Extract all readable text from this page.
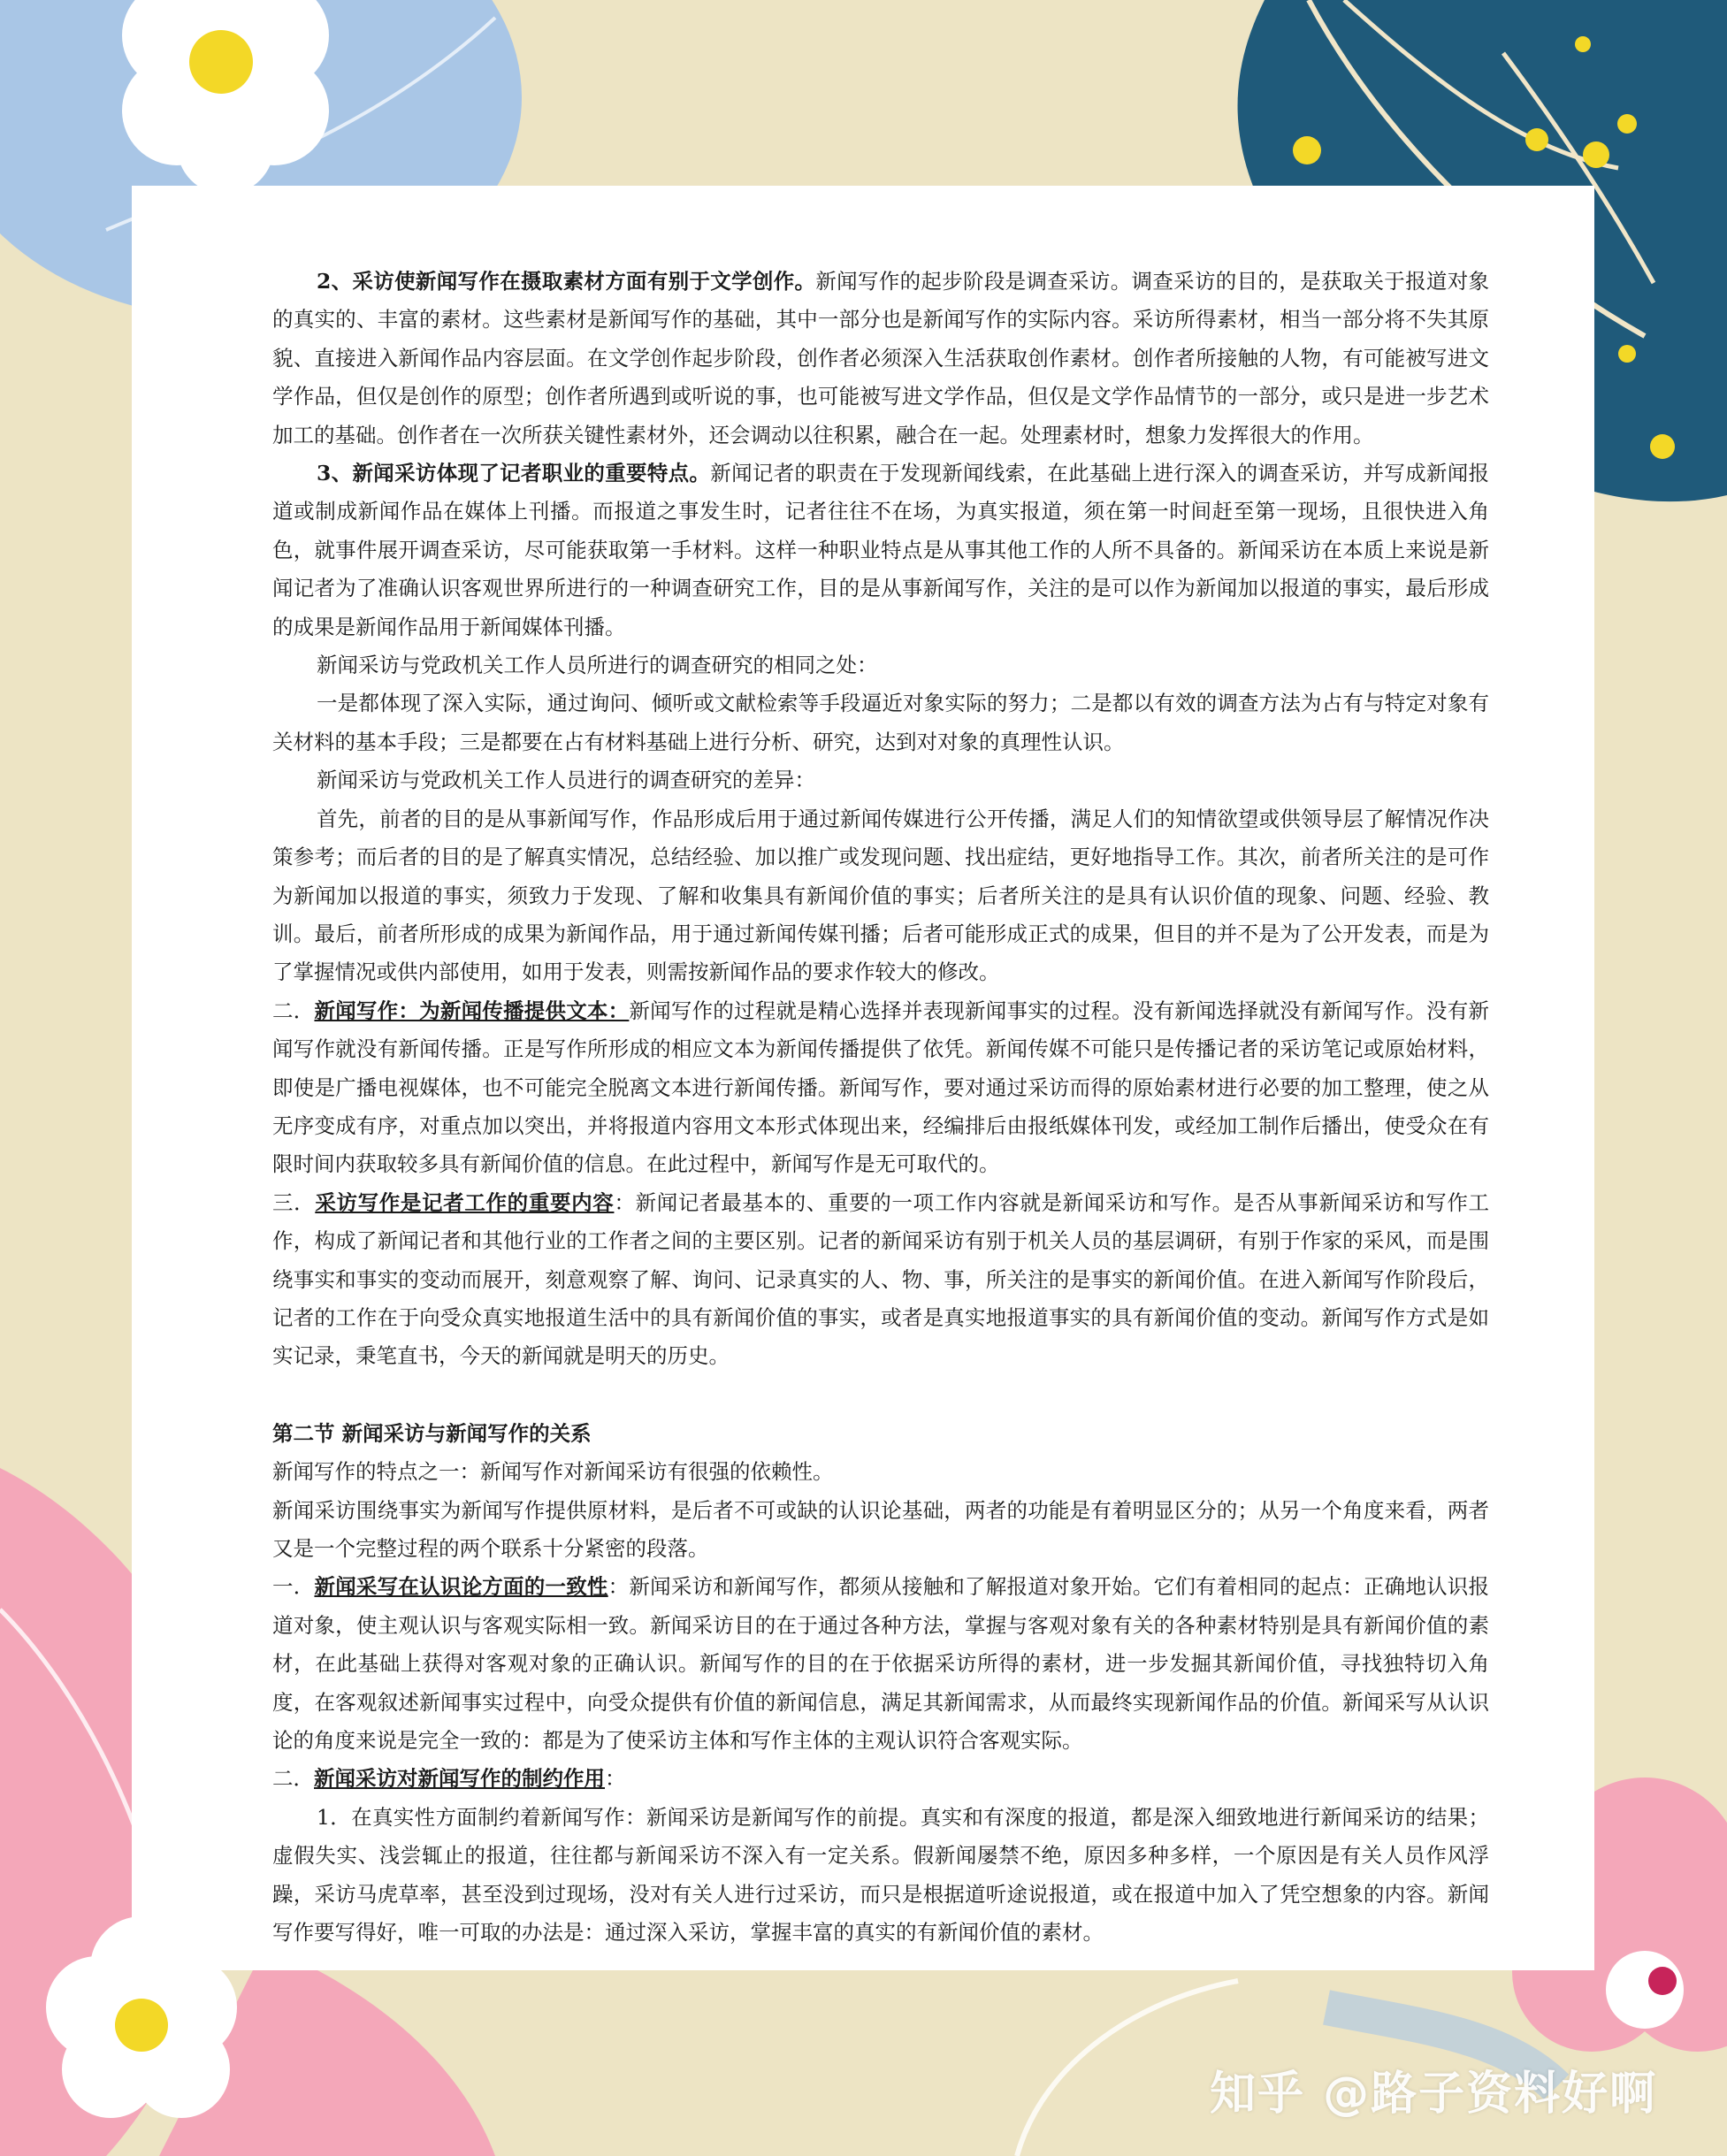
2、采访使新闻写作在摄取素材方面有别于文学创作。新闻写作的起步阶段是调查采访。调查采访的目的，是获取关于报道对象的真实的、丰富的素材。这些素材是新闻写作的基础，其中一部分也是新闻写作的实际内容。采访所得素材，相当一部分将不失其原貌、直接进入新闻作品内容层面。在文学创作起步阶段，创作者必须深入生活获取创作素材。创作者所接触的人物，有可能被写进文学作品，但仅是创作的原型；创作者所遇到或听说的事，也可能被写进文学作品，但仅是文学作品情节的一部分，或只是进一步艺术加工的基础。创作者在一次所获关键性素材外，还会调动以往积累，融合在一起。处理素材时，想象力发挥很大的作用。

3、新闻采访体现了记者职业的重要特点。新闻记者的职责在于发现新闻线索，在此基础上进行深入的调查采访，并写成新闻报道或制成新闻作品在媒体上刊播。而报道之事发生时，记者往往不在场，为真实报道，须在第一时间赶至第一现场，且很快进入角色，就事件展开调查采访，尽可能获取第一手材料。这样一种职业特点是从事其他工作的人所不具备的。新闻采访在本质上来说是新闻记者为了准确认识客观世界所进行的一种调查研究工作，目的是从事新闻写作，关注的是可以作为新闻加以报道的事实，最后形成的成果是新闻作品用于新闻媒体刊播。

新闻采访与党政机关工作人员所进行的调查研究的相同之处：

一是都体现了深入实际，通过询问、倾听或文献检索等手段逼近对象实际的努力；二是都以有效的调查方法为占有与特定对象有关材料的基本手段；三是都要在占有材料基础上进行分析、研究，达到对对象的真理性认识。

新闻采访与党政机关工作人员进行的调查研究的差异：

首先，前者的目的是从事新闻写作，作品形成后用于通过新闻传媒进行公开传播，满足人们的知情欲望或供领导层了解情况作决策参考；而后者的目的是了解真实情况，总结经验、加以推广或发现问题、找出症结，更好地指导工作。其次，前者所关注的是可作为新闻加以报道的事实，须致力于发现、了解和收集具有新闻价值的事实；后者所关注的是具有认识价值的现象、问题、经验、教训。最后，前者所形成的成果为新闻作品，用于通过新闻传媒刊播；后者可能形成正式的成果，但目的并不是为了公开发表，而是为了掌握情况或供内部使用，如用于发表，则需按新闻作品的要求作较大的修改。

二．新闻写作：为新闻传播提供文本：新闻写作的过程就是精心选择并表现新闻事实的过程。没有新闻选择就没有新闻写作。没有新闻写作就没有新闻传播。正是写作所形成的相应文本为新闻传播提供了依凭。新闻传媒不可能只是传播记者的采访笔记或原始材料，即使是广播电视媒体，也不可能完全脱离文本进行新闻传播。新闻写作，要对通过采访而得的原始素材进行必要的加工整理，使之从无序变成有序，对重点加以突出，并将报道内容用文本形式体现出来，经编排后由报纸媒体刊发，或经加工制作后播出，使受众在有限时间内获取较多具有新闻价值的信息。在此过程中，新闻写作是无可取代的。

三．采访写作是记者工作的重要内容：新闻记者最基本的、重要的一项工作内容就是新闻采访和写作。是否从事新闻采访和写作工作，构成了新闻记者和其他行业的工作者之间的主要区别。记者的新闻采访有别于机关人员的基层调研，有别于作家的采风，而是围绕事实和事实的变动而展开，刻意观察了解、询问、记录真实的人、物、事，所关注的是事实的新闻价值。在进入新闻写作阶段后，记者的工作在于向受众真实地报道生活中的具有新闻价值的事实，或者是真实地报道事实的具有新闻价值的变动。新闻写作方式是如实记录，秉笔直书，今天的新闻就是明天的历史。

第二节 新闻采访与新闻写作的关系

新闻写作的特点之一：新闻写作对新闻采访有很强的依赖性。

新闻采访围绕事实为新闻写作提供原材料，是后者不可或缺的认识论基础，两者的功能是有着明显区分的；从另一个角度来看，两者又是一个完整过程的两个联系十分紧密的段落。

一．新闻采写在认识论方面的一致性：新闻采访和新闻写作，都须从接触和了解报道对象开始。它们有着相同的起点：正确地认识报道对象，使主观认识与客观实际相一致。新闻采访目的在于通过各种方法，掌握与客观对象有关的各种素材特别是具有新闻价值的素材，在此基础上获得对客观对象的正确认识。新闻写作的目的在于依据采访所得的素材，进一步发掘其新闻价值，寻找独特切入角度，在客观叙述新闻事实过程中，向受众提供有价值的新闻信息，满足其新闻需求，从而最终实现新闻作品的价值。新闻采写从认识论的角度来说是完全一致的：都是为了使采访主体和写作主体的主观认识符合客观实际。

二．新闻采访对新闻写作的制约作用：

1．在真实性方面制约着新闻写作：新闻采访是新闻写作的前提。真实和有深度的报道，都是深入细致地进行新闻采访的结果；虚假失实、浅尝辄止的报道，往往都与新闻采访不深入有一定关系。假新闻屡禁不绝，原因多种多样，一个原因是有关人员作风浮躁，采访马虎草率，甚至没到过现场，没对有关人进行过采访，而只是根据道听途说报道，或在报道中加入了凭空想象的内容。新闻写作要写得好，唯一可取的办法是：通过深入采访，掌握丰富的真实的有新闻价值的素材。

知乎 @路子资料好啊
